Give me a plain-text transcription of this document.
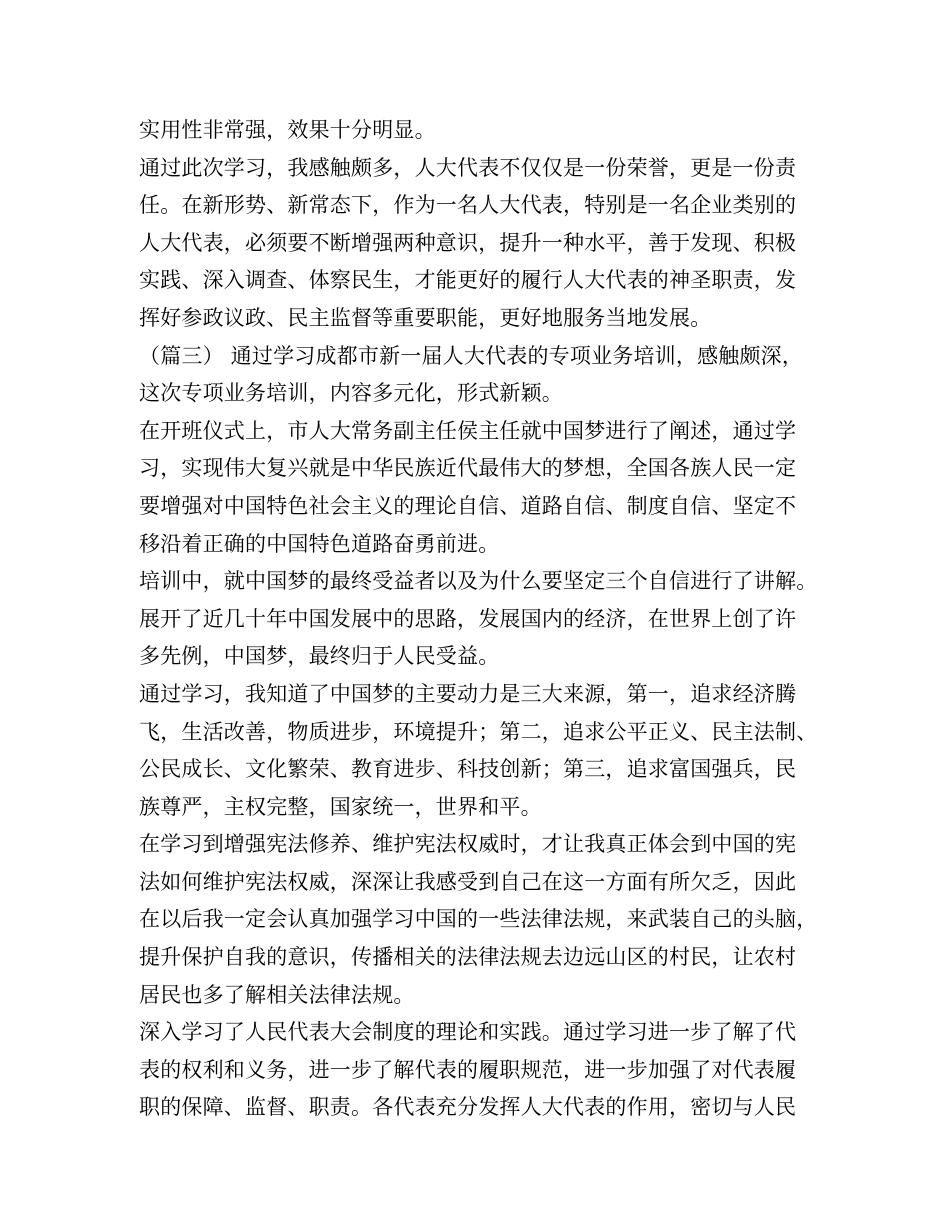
实用性非常强，效果十分明显。
通过此次学习，我感触颇多，人大代表不仅仅是一份荣誉，更是一份责
任。在新形势、新常态下，作为一名人大代表，特别是一名企业类别的
人大代表，必须要不断增强两种意识，提升一种水平，善于发现、积极
实践、深入调查、体察民生，才能更好的履行人大代表的神圣职责，发
挥好参政议政、民主监督等重要职能，更好地服务当地发展。
（篇三） 通过学习成都市新一届人大代表的专项业务培训，感触颇深，
这次专项业务培训，内容多元化，形式新颖。
在开班仪式上，市人大常务副主任侯主任就中国梦进行了阐述，通过学
习，实现伟大复兴就是中华民族近代最伟大的梦想，全国各族人民一定
要增强对中国特色社会主义的理论自信、道路自信、制度自信、坚定不
移沿着正确的中国特色道路奋勇前进。
培训中，就中国梦的最终受益者以及为什么要坚定三个自信进行了讲解。
展开了近几十年中国发展中的思路，发展国内的经济，在世界上创了许
多先例，中国梦，最终归于人民受益。
通过学习，我知道了中国梦的主要动力是三大来源，第一，追求经济腾
飞，生活改善，物质进步，环境提升；第二，追求公平正义、民主法制、
公民成长、文化繁荣、教育进步、科技创新；第三，追求富国强兵，民
族尊严，主权完整，国家统一，世界和平。
在学习到增强宪法修养、维护宪法权威时，才让我真正体会到中国的宪
法如何维护宪法权威，深深让我感受到自己在这一方面有所欠乏，因此
在以后我一定会认真加强学习中国的一些法律法规，来武装自己的头脑，
提升保护自我的意识，传播相关的法律法规去边远山区的村民，让农村
居民也多了解相关法律法规。
深入学习了人民代表大会制度的理论和实践。通过学习进一步了解了代
表的权利和义务，进一步了解代表的履职规范，进一步加强了对代表履
职的保障、监督、职责。各代表充分发挥人大代表的作用，密切与人民
